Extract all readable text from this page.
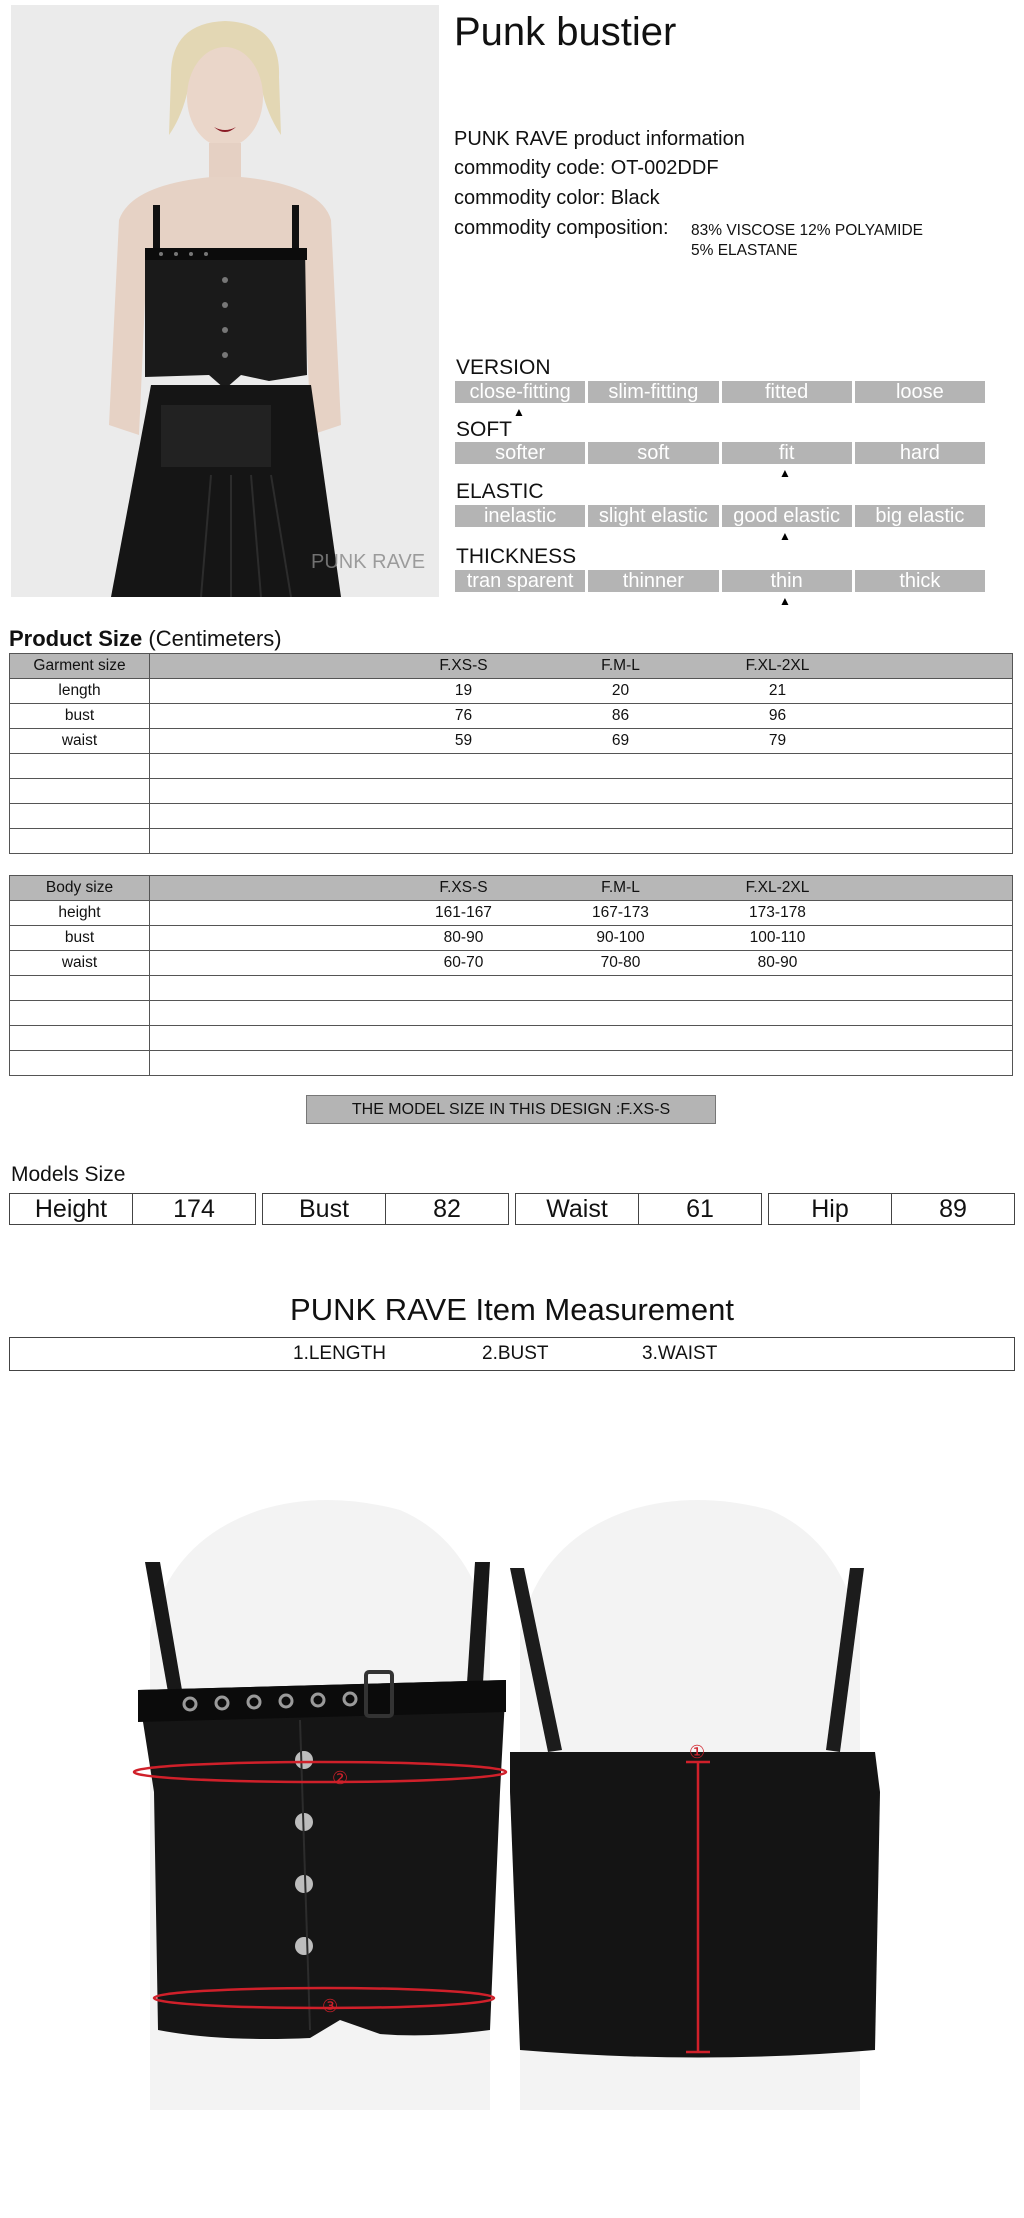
PUNK RAVE
Punk bustier
PUNK RAVE product information
commodity code: OT-002DDF
commodity color: Black
commodity composition: 83% VISCOSE 12% POLYAMIDE
5% ELASTANE
VERSION
close-fitting	slim-fitting	fitted	loose
▲
SOFT
softer	soft	fit	hard
▲
ELASTIC
inelastic	slight elastic	good elastic	big elastic
▲
THICKNESS
tran sparent	thinner	thin	thick
▲
Product Size (Centimeters)
Garment size	F.XS-S F.M-L F.XL-2XL

length	19 20 21

bust	76 86 96

waist	59 69 79

Body size	F.XS-S F.M-L F.XL-2XL

height	161-167 167-173 173-178

bust	80-90 90-100 100-110

waist	60-70 70-80 80-90

THE MODEL SIZE IN THIS DESIGN :F.XS-S
Models Size
Height	174	Bust	82	Waist	61	Hip	89
PUNK RAVE Item Measurement
1.LENGTH	2.BUST	3.WAIST
②
③
①
